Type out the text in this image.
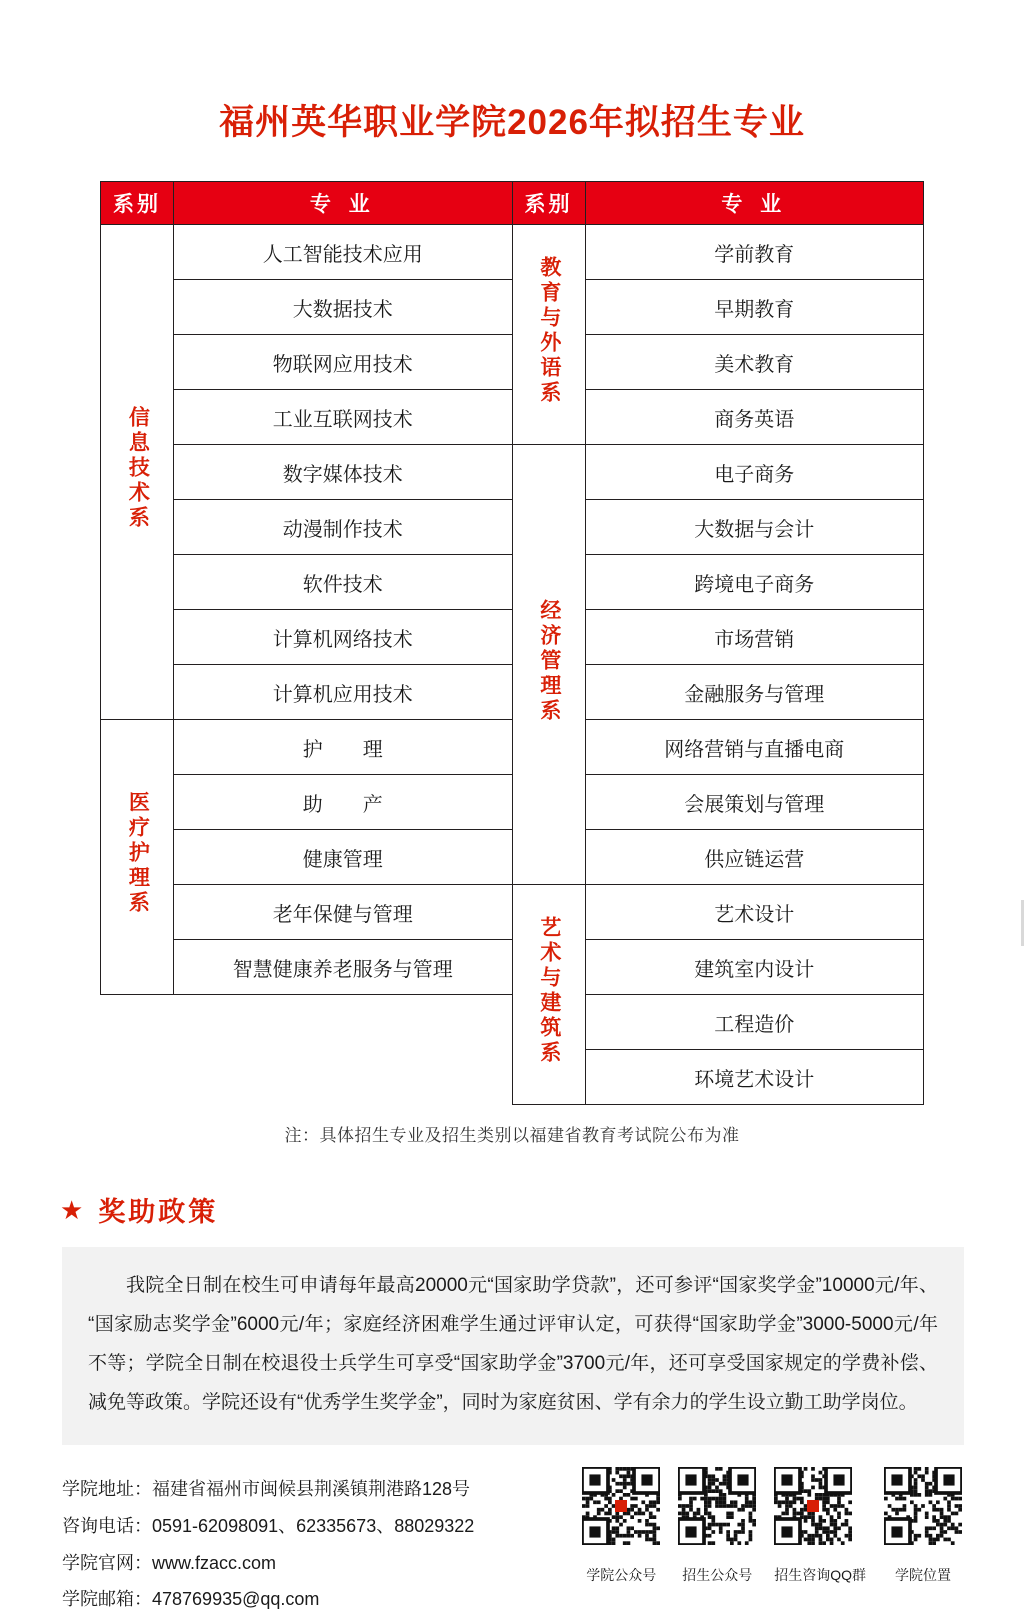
福州英华职业学院2026年拟招生专业
系别	专 业	系别	专 业
信息技术系	人工智能技术应用	教育与外语系	学前教育
	大数据技术		早期教育
	物联网应用技术		美术教育
	工业互联网技术		商务英语
	数字媒体技术	经济管理系	电子商务
	动漫制作技术		大数据与会计
	软件技术		跨境电子商务
	计算机网络技术		市场营销
	计算机应用技术		金融服务与管理
医疗护理系	护　　理		网络营销与直播电商
	助　　产		会展策划与管理
	健康管理		供应链运营
	老年保健与管理	艺术与建筑系	艺术设计
	智慧健康养老服务与管理		建筑室内设计
			工程造价
			环境艺术设计
注：具体招生专业及招生类别以福建省教育考试院公布为准
★ 奖助政策

我院全日制在校生可申请每年最高20000元“国家助学贷款”，还可参评“国家奖学金”10000元/年、“国家励志奖学金”6000元/年；家庭经济困难学生通过评审认定，可获得“国家助学金”3000-5000元/年不等；学院全日制在校退役士兵学生可享受“国家助学金”3700元/年，还可享受国家规定的学费补偿、减免等政策。学院还设有“优秀学生奖学金”，同时为家庭贫困、学有余力的学生设立勤工助学岗位。

学院地址：福建省福州市闽候县荆溪镇荆港路128号
咨询电话：0591-62098091、62335673、88029322
学院官网：www.fzacc.com
学院邮箱：478769935@qq.com
学院公众号 招生公众号 招生咨询QQ群	学院位置
